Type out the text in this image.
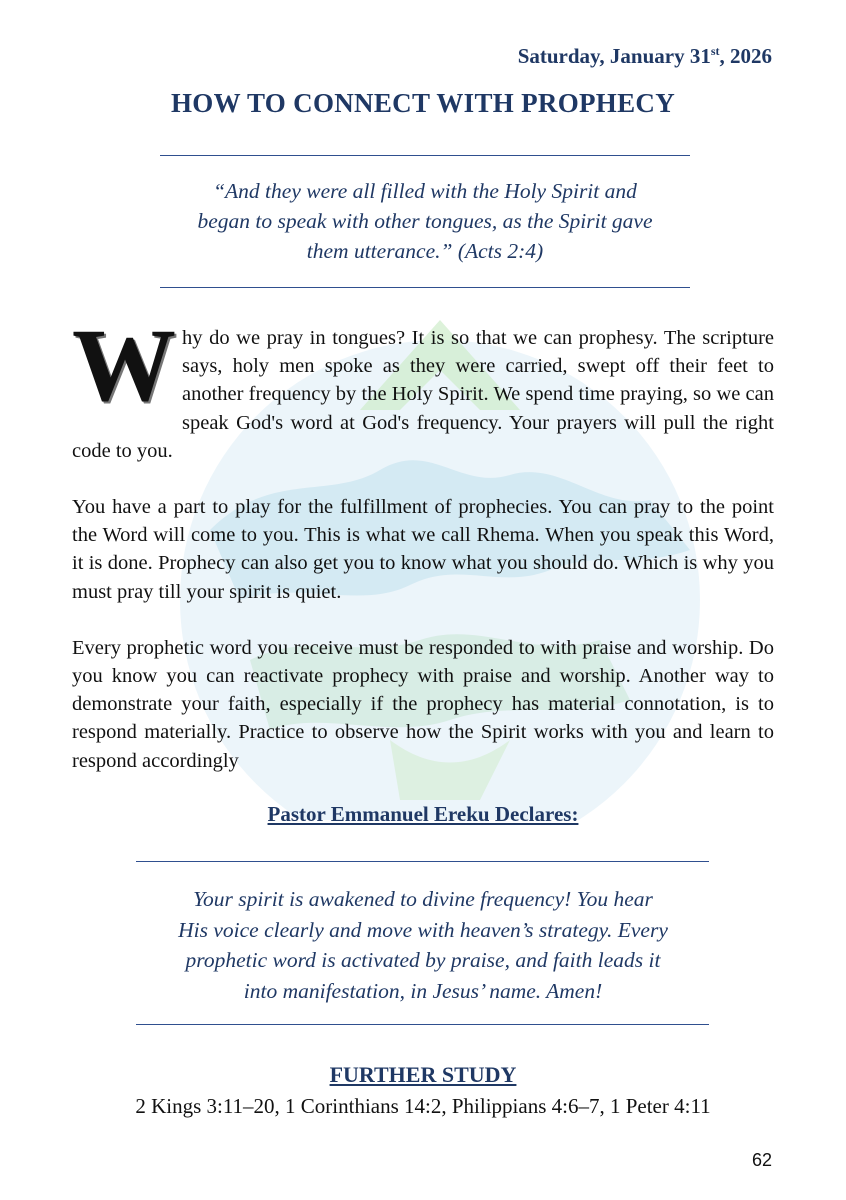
Saturday, January 31st, 2026
HOW TO CONNECT WITH PROPHECY
“And they were all filled with the Holy Spirit and
began to speak with other tongues, as the Spirit gave
them utterance.” (Acts 2:4)

Why do we pray in tongues? It is so that we can prophesy. The scripture says, holy men spoke as they were carried, swept off their feet to another frequency by the Holy Spirit. We spend time praying, so we can speak God's word at God's frequency. Your prayers will pull the right code to you.

You have a part to play for the fulfillment of prophecies. You can pray to the point the Word will come to you. This is what we call Rhema. When you speak this Word, it is done. Prophecy can also get you to know what you should do. Which is why you must pray till your spirit is quiet.

Every prophetic word you receive must be responded to with praise and worship. Do you know you can reactivate prophecy with praise and worship. Another way to demonstrate your faith, especially if the prophecy has material connotation, is to respond materially. Practice to observe how the Spirit works with you and learn to respond accordingly

Pastor Emmanuel Ereku Declares:
Your spirit is awakened to divine frequency! You hear
His voice clearly and move with heaven’s strategy. Every
prophetic word is activated by praise, and faith leads it
into manifestation, in Jesus’ name. Amen!
FURTHER STUDY
2 Kings 3:11–20, 1 Corinthians 14:2, Philippians 4:6–7, 1 Peter 4:11
62
